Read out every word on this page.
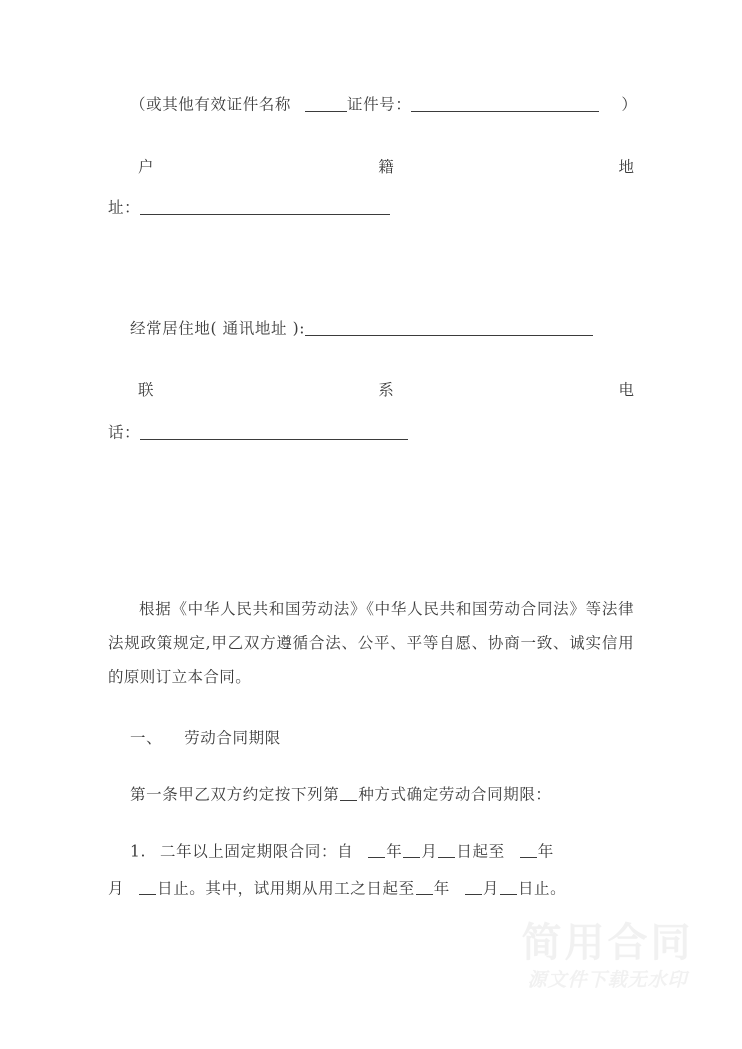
（或其他有效证件名称	证件号：	）
户	籍	地
址：
经常居住地( 通讯地址 ):
联	系	电
话：

根据《中华人民共和国劳动法》《中华人民共和国劳动合同法》等法律法规政策规定,甲乙双方遵循合法、公平、平等自愿、协商一致、诚实信用的原则订立本合同。

一、 劳动合同期限
第一条甲乙双方约定按下列第 种方式确定劳动合同期限：
1. 二年以上固定期限合同：自 年 月 日起至 年
月 日止。其中，试用期从用工之日起至 年 月 日止。
简用合同
源文件下载无水印
